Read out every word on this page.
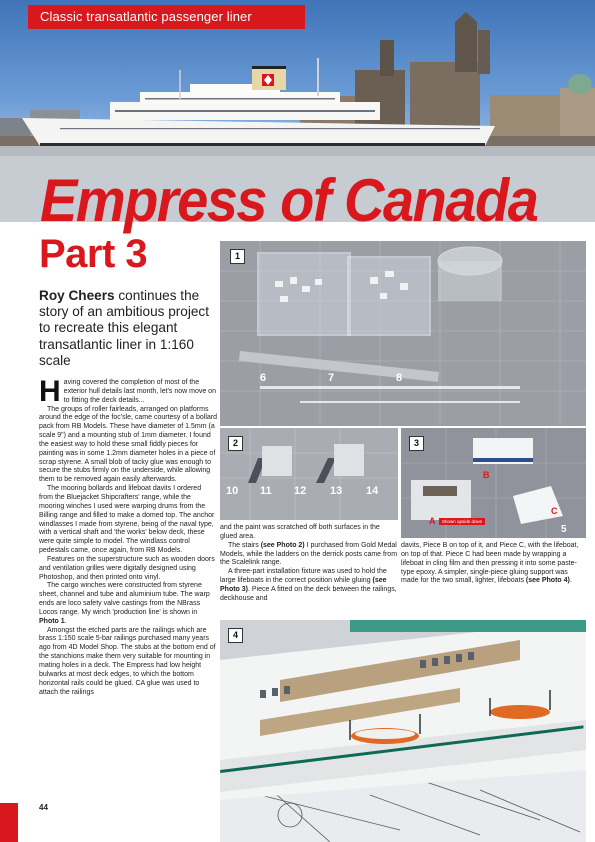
Classic transatlantic passenger liner
Empress of Canada
Part 3
Roy Cheers continues the story of an ambitious project to recreate this elegant transatlantic liner in 1:160 scale

Having covered the completion of most of the exterior hull details last month, let's now move on to fitting the deck details...

The groups of roller fairleads, arranged on platforms around the edge of the foc'sle, came courtesy of a bollard pack from RB Models. These have diameter of 1.5mm (a scale 9") and a mounting stub of 1mm diameter. I found the easiest way to hold these small fiddly pieces for painting was in some 1.2mm diameter holes in a piece of scrap styrene. A small blob of tacky glue was enough to secure the stubs firmly on the underside, while allowing them to be removed again easily afterwards.

The mooring bollards and lifeboat davits I ordered from the Bluejacket Shipcrafters' range, while the mooring winches I used were warping drums from the Billing range and filled to make a domed top. The anchor windlasses I made from styrene, being of the naval type, with a vertical shaft and 'the works' below deck, these were quite simple to model. The windlass control pedestals came, once again, from RB Models.

Features on the superstructure such as wooden doors and ventilation grilles were digitally designed using Photoshop, and then printed onto vinyl.

The cargo winches were constructed from styrene sheet, channel and tube and aluminium tube. The warp ends are loco safety valve castings from the NBrass Locos range. My winch 'production line' is shown in Photo 1.

Amongst the etched parts are the railings which are brass 1:150 scale 5-bar railings purchased many years ago from 4D Model Shop. The stubs at the bottom end of the stanchions make them very suitable for mounting in mating holes in a deck. The Empress had low height bulwarks at most deck edges, to which the bottom horizontal rails could be glued. CA glue was used to attach the railings

and the paint was scratched off both surfaces in the glued area.

The stairs (see Photo 2) I purchased from Gold Medal Models, while the ladders on the derrick posts came from the Scalelink range.

A three-part installation fixture was used to hold the large lifeboats in the correct position while gluing (see Photo 3). Piece A fitted on the deck between the railings, deckhouse and

davits, Piece B on top of it, and Piece C, with the lifeboat, on top of that. Piece C had been made by wrapping a lifeboat in cling film and then pressing it into some paste-type epoxy. A simpler, single-piece gluing support was made for the two small, lighter, lifeboats (see Photo 4).

6	7	8
1
10 11 12 13 14
2
5
3
B
C
A	Shown upside down
4
44
